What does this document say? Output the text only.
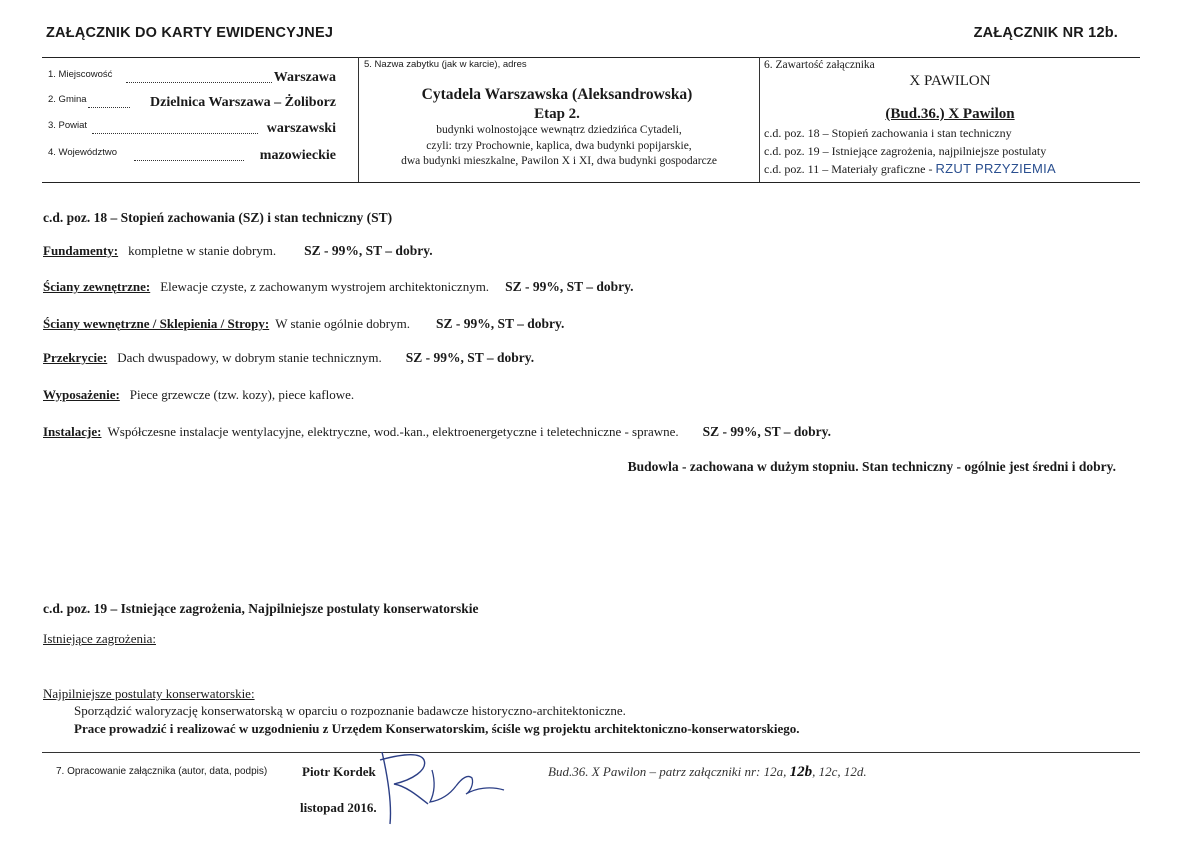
ZAŁĄCZNIK DO KARTY EWIDENCYJNEJ	ZAŁĄCZNIK NR 12b.
1. Miejscowość	Warszawa
2. Gmina	Dzielnica Warszawa – Żoliborz
3. Powiat	warszawski
4. Województwo	mazowieckie
5. Nazwa zabytku (jak w karcie), adres
Cytadela Warszawska (Aleksandrowska)
Etap 2.
budynki wolnostojące wewnątrz dziedzińca Cytadeli,
czyli: trzy Prochownie, kaplica, dwa budynki popijarskie,
dwa budynki mieszkalne, Pawilon X i XI, dwa budynki gospodarcze
6. Zawartość załącznika
X PAWILON
(Bud.36.) X Pawilon
c.d. poz. 18 – Stopień zachowania i stan techniczny
c.d. poz. 19 – Istniejące zagrożenia, najpilniejsze postulaty
c.d. poz. 11 – Materiały graficzne - RZUT PRZYZIEMIA
c.d. poz. 18 – Stopień zachowania (SZ) i stan techniczny (ST)
Fundamenty: kompletne w stanie dobrym. SZ - 99%, ST – dobry.
Ściany zewnętrzne: Elewacje czyste, z zachowanym wystrojem architektonicznym. SZ - 99%, ST – dobry.
Ściany wewnętrzne / Sklepienia / Stropy: W stanie ogólnie dobrym. SZ - 99%, ST – dobry.
Przekrycie: Dach dwuspadowy, w dobrym stanie technicznym. SZ - 99%, ST – dobry.
Wyposażenie: Piece grzewcze (tzw. kozy), piece kaflowe.
Instalacje: Współczesne instalacje wentylacyjne, elektryczne, wod.-kan., elektroenergetyczne i teletechniczne - sprawne. SZ - 99%, ST – dobry.
Budowla - zachowana w dużym stopniu. Stan techniczny - ogólnie jest średni i dobry.
c.d. poz. 19 – Istniejące zagrożenia, Najpilniejsze postulaty konserwatorskie
Istniejące zagrożenia:
Najpilniejsze postulaty konserwatorskie:
Sporządzić waloryzację konserwatorską w oparciu o rozpoznanie badawcze historyczno-architektoniczne.
Prace prowadzić i realizować w uzgodnieniu z Urzędem Konserwatorskim, ściśle wg projektu architektoniczno-konserwatorskiego.
7. Opracowanie załącznika (autor, data, podpis)	Piotr Kordek
listopad 2016.
Bud.36. X Pawilon – patrz załączniki nr: 12a, 12b, 12c, 12d.
